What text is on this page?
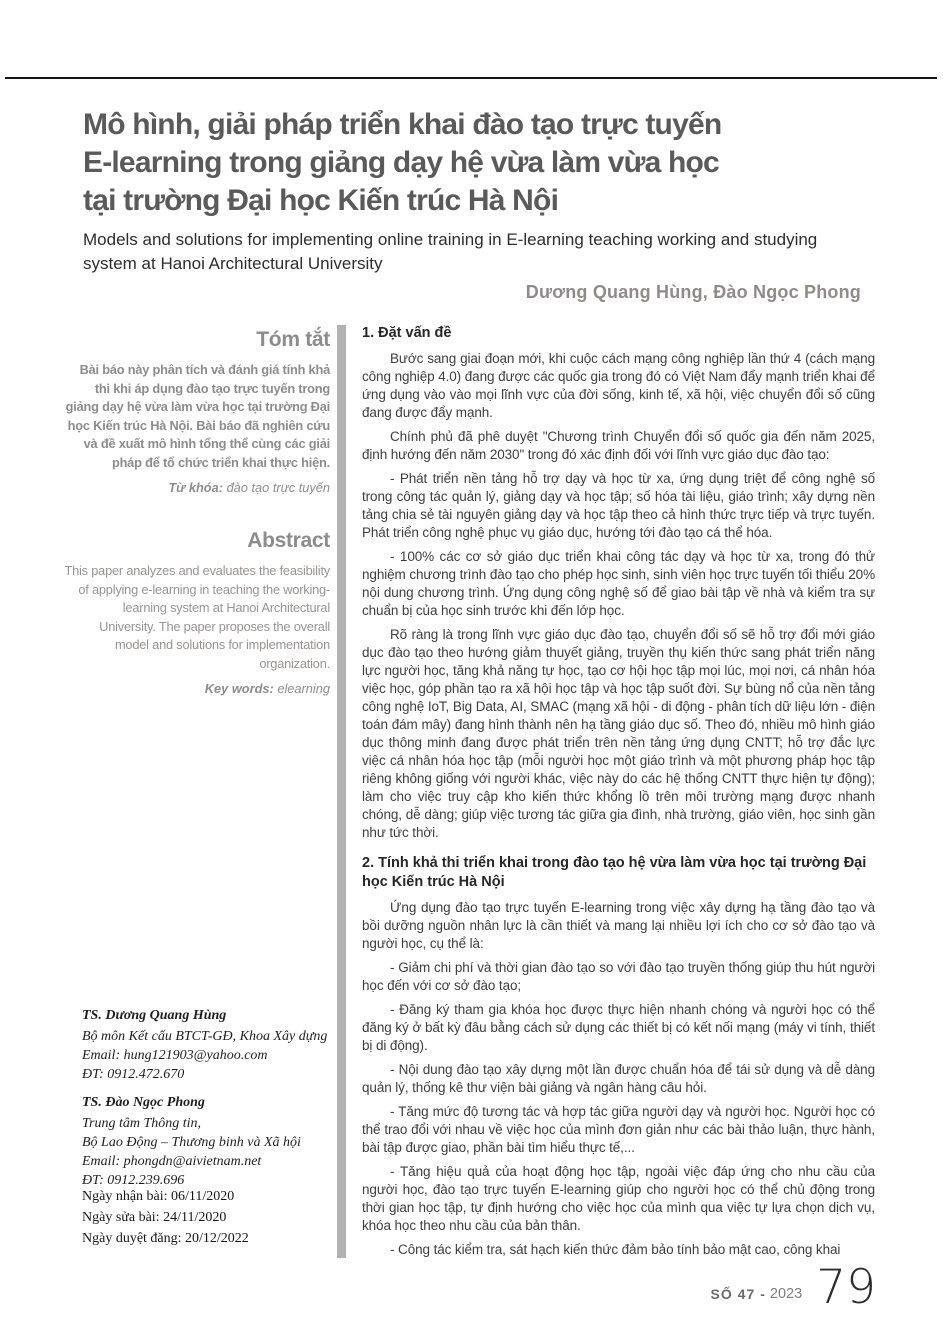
Mô hình, giải pháp triển khai đào tạo trực tuyến
E-learning trong giảng dạy hệ vừa làm vừa học
tại trường Đại học Kiến trúc Hà Nội
Models and solutions for implementing online training in E-learning teaching working and studying system at Hanoi Architectural University
Dương Quang Hùng, Đào Ngọc Phong
Tóm tắt

Bài báo này phân tích và đánh giá tính khả thi khi áp dụng đào tạo trực tuyến trong giảng dạy hệ vừa làm vừa học tại trường Đại học Kiến trúc Hà Nội. Bài báo đã nghiên cứu và đề xuất mô hình tổng thể cùng các giải pháp để tổ chức triển khai thực hiện.

Từ khóa: đào tạo trực tuyến
Abstract

This paper analyzes and evaluates the feasibility of applying e-learning in teaching the working-learning system at Hanoi Architectural University. The paper proposes the overall model and solutions for implementation organization.

Key words: elearning

TS. Dương Quang Hùng

Bộ môn Kết cấu BTCT-GĐ, Khoa Xây dựng

Email: hung121903@yahoo.com

ĐT: 0912.472.670

TS. Đào Ngọc Phong

Trung tâm Thông tin,

Bộ Lao Động – Thương binh và Xã hội

Email: phongdn@aivietnam.net

ĐT: 0912.239.696

Ngày nhận bài: 06/11/2020
Ngày sửa bài: 24/11/2020
Ngày duyệt đăng: 20/12/2022
1. Đặt vấn đề

Bước sang giai đoạn mới, khi cuộc cách mạng công nghiệp lần thứ 4 (cách mạng công nghiệp 4.0) đang được các quốc gia trong đó có Việt Nam đẩy mạnh triển khai để ứng dụng vào vào mọi lĩnh vực của đời sống, kinh tế, xã hội, việc chuyển đổi số cũng đang được đẩy mạnh.

Chính phủ đã phê duyệt "Chương trình Chuyển đổi số quốc gia đến năm 2025, định hướng đến năm 2030" trong đó xác định đối với lĩnh vực giáo dục đào tạo:

- Phát triển nền tảng hỗ trợ dạy và học từ xa, ứng dụng triệt để công nghệ số trong công tác quản lý, giảng dạy và học tập; số hóa tài liệu, giáo trình; xây dựng nền tảng chia sẻ tài nguyên giảng dạy và học tập theo cả hình thức trực tiếp và trực tuyến. Phát triển công nghệ phục vụ giáo dục, hướng tới đào tạo cá thể hóa.

- 100% các cơ sở giáo dục triển khai công tác dạy và học từ xa, trong đó thử nghiệm chương trình đào tạo cho phép học sinh, sinh viên học trực tuyến tối thiểu 20% nội dung chương trình. Ứng dụng công nghệ số để giao bài tập về nhà và kiểm tra sự chuẩn bị của học sinh trước khi đến lớp học.

Rõ ràng là trong lĩnh vực giáo dục đào tạo, chuyển đổi số sẽ hỗ trợ đổi mới giáo dục đào tạo theo hướng giảm thuyết giảng, truyền thụ kiến thức sang phát triển năng lực người học, tăng khả năng tự học, tạo cơ hội học tập mọi lúc, mọi nơi, cá nhân hóa việc học, góp phần tạo ra xã hội học tập và học tập suốt đời. Sự bùng nổ của nền tảng công nghệ IoT, Big Data, AI, SMAC (mạng xã hội - di động - phân tích dữ liệu lớn - điện toán đám mây) đang hình thành nên hạ tầng giáo dục số. Theo đó, nhiều mô hình giáo dục thông minh đang được phát triển trên nền tảng ứng dụng CNTT; hỗ trợ đắc lực việc cá nhân hóa học tập (mỗi người học một giáo trình và một phương pháp học tập riêng không giống với người khác, việc này do các hệ thống CNTT thực hiện tự động); làm cho việc truy cập kho kiến thức khổng lồ trên môi trường mạng được nhanh chóng, dễ dàng; giúp việc tương tác giữa gia đình, nhà trường, giáo viên, học sinh gần như tức thời.

2. Tính khả thi triển khai trong đào tạo hệ vừa làm vừa học tại trường Đại học Kiến trúc Hà Nội

Ứng dụng đào tạo trực tuyến E-learning trong việc xây dựng hạ tầng đào tạo và bồi dưỡng nguồn nhân lực là cần thiết và mang lại nhiều lợi ích cho cơ sở đào tạo và người học, cụ thể là:

- Giảm chi phí và thời gian đào tạo so với đào tạo truyền thống giúp thu hút người học đến với cơ sở đào tạo;

- Đăng ký tham gia khóa học được thực hiện nhanh chóng và người học có thể đăng ký ở bất kỳ đâu bằng cách sử dụng các thiết bị có kết nối mạng (máy vi tính, thiết bị di động).

- Nội dung đào tạo xây dựng một lần được chuẩn hóa để tái sử dụng và dễ dàng quản lý, thống kê thư viện bài giảng và ngân hàng câu hỏi.

- Tăng mức độ tương tác và hợp tác giữa người dạy và người học. Người học có thể trao đổi với nhau về việc học của mình đơn giản như các bài thảo luận, thực hành, bài tập được giao, phần bài tìm hiểu thực tế,...

- Tăng hiệu quả của hoạt động học tập, ngoài việc đáp ứng cho nhu cầu của người học, đào tạo trực tuyến E-learning giúp cho người học có thể chủ động trong thời gian học tập, tự định hướng cho việc học của mình qua việc tự lựa chọn dịch vụ, khóa học theo nhu cầu của bản thân.

- Công tác kiểm tra, sát hạch kiến thức đảm bảo tính bảo mật cao, công khai

SỐ 47 - 2023 79
